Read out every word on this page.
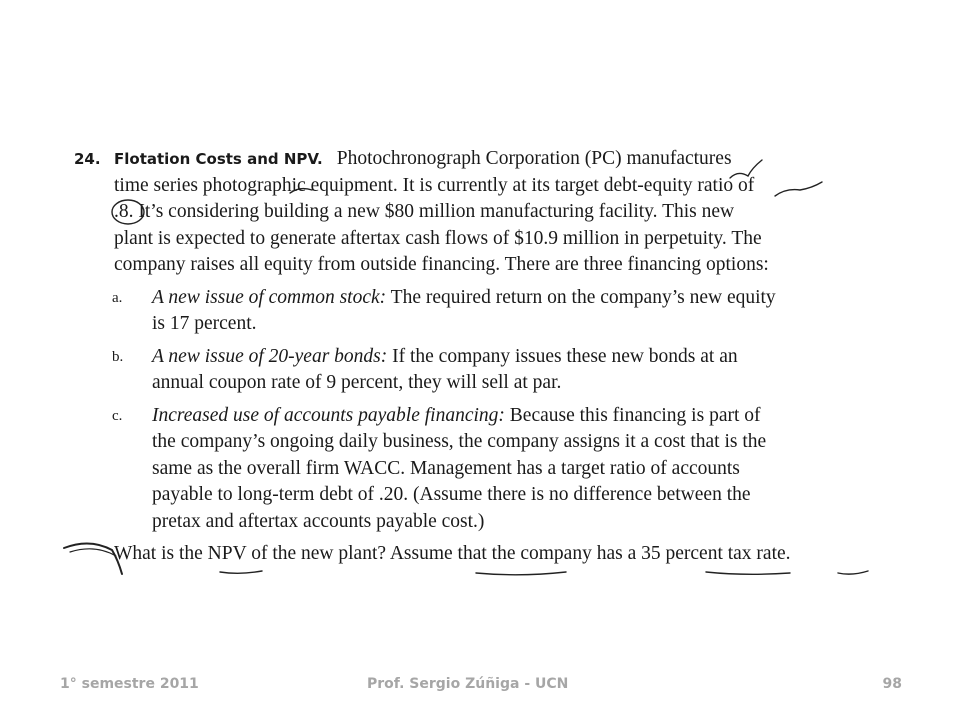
24. Flotation Costs and NPV. Photochronograph Corporation (PC) manufactures
time series photographic equipment. It is currently at its target debt-equity ratio of
.8. It’s considering building a new $80 million manufacturing facility. This new
plant is expected to generate aftertax cash flows of $10.9 million in perpetuity. The
company raises all equity from outside financing. There are three financing options:
a.	A new issue of common stock: The required return on the company’s new equity
is 17 percent.
b.	A new issue of 20-year bonds: If the company issues these new bonds at an
annual coupon rate of 9 percent, they will sell at par.
c.	Increased use of accounts payable financing: Because this financing is part of
the company’s ongoing daily business, the company assigns it a cost that is the
same as the overall firm WACC. Management has a target ratio of accounts
payable to long-term debt of .20. (Assume there is no difference between the
pretax and aftertax accounts payable cost.)
What is the NPV of the new plant? Assume that the company has a 35 percent tax rate.
1° semestre 2011	Prof. Sergio Zúñiga - UCN	98
